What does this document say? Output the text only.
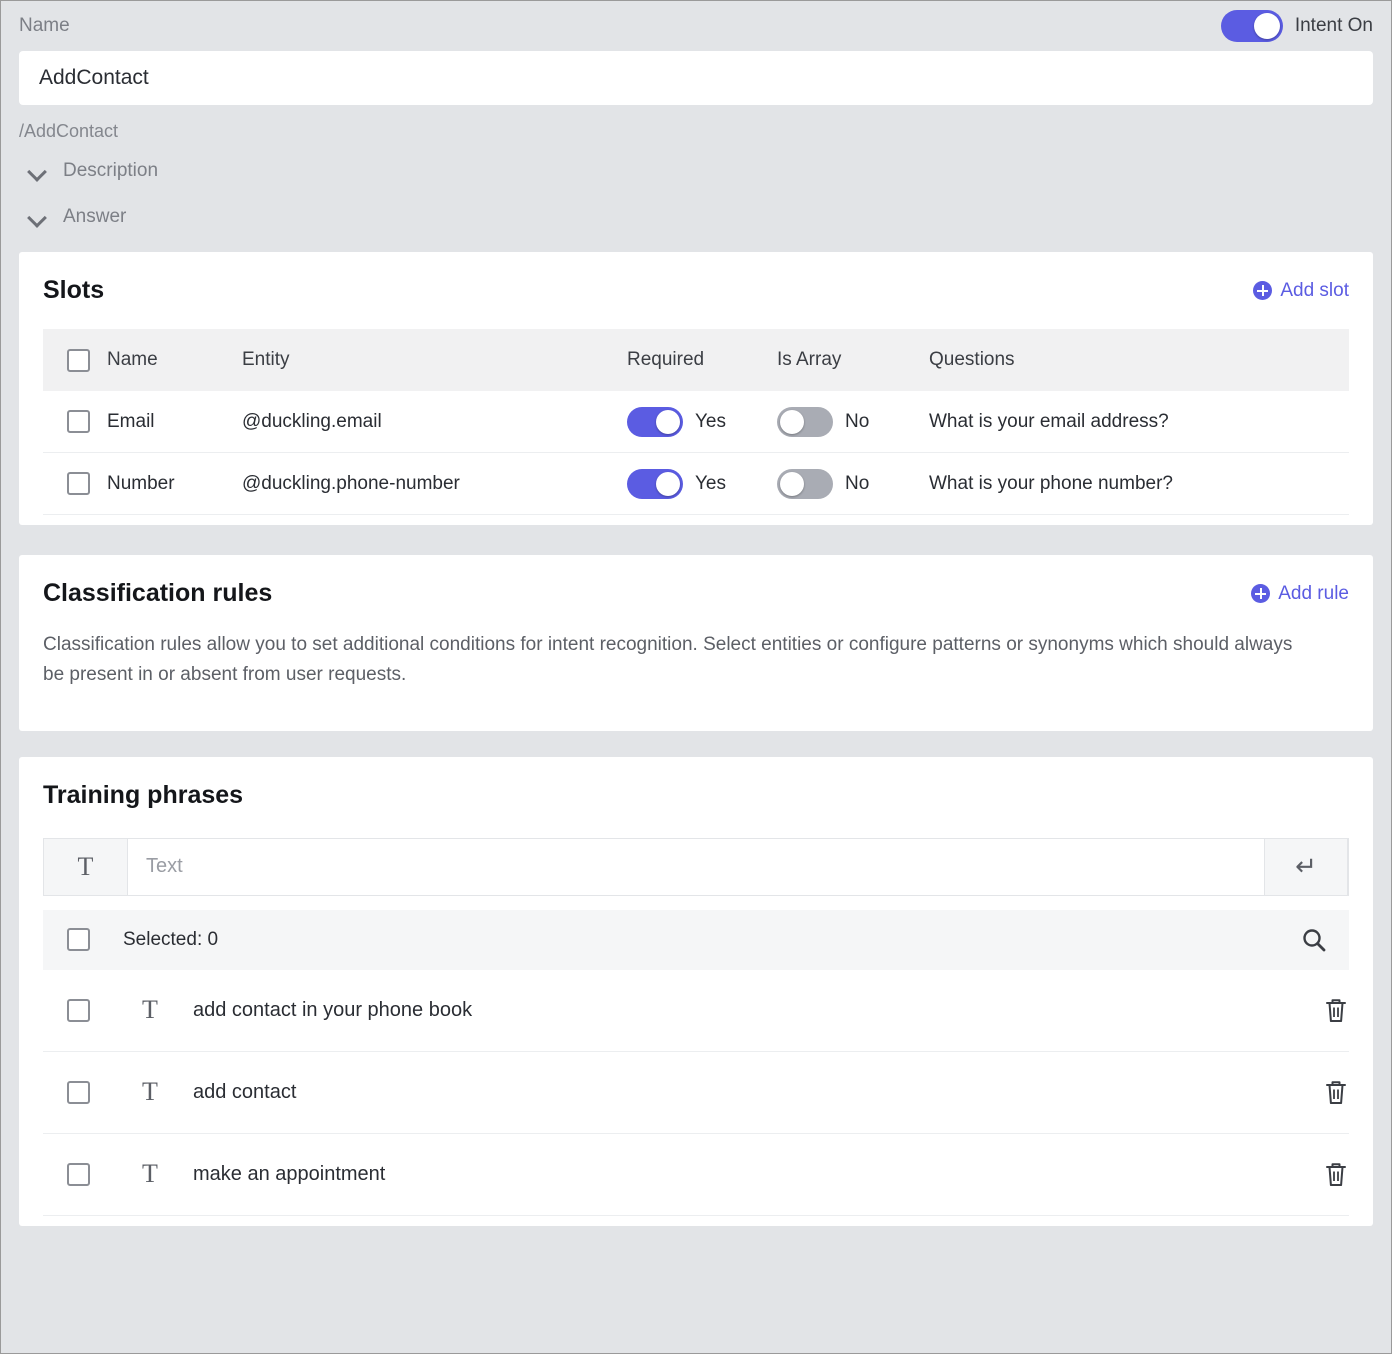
Name	Intent On
AddContact
/AddContact
Description
Answer
Slots	Add slot
Name	Entity	Required	Is Array	Questions
Email	@duckling.email	Yes	No	What is your email address?
Number	@duckling.phone-number	Yes	No	What is your phone number?
Classification rules	Add rule
Classification rules allow you to set additional conditions for intent recognition. Select entities or configure patterns or synonyms which should always be present in or absent from user requests.
Training phrases
T
Text	↵
Selected: 0
T	add contact in your phone book
T	add contact
T	make an appointment
